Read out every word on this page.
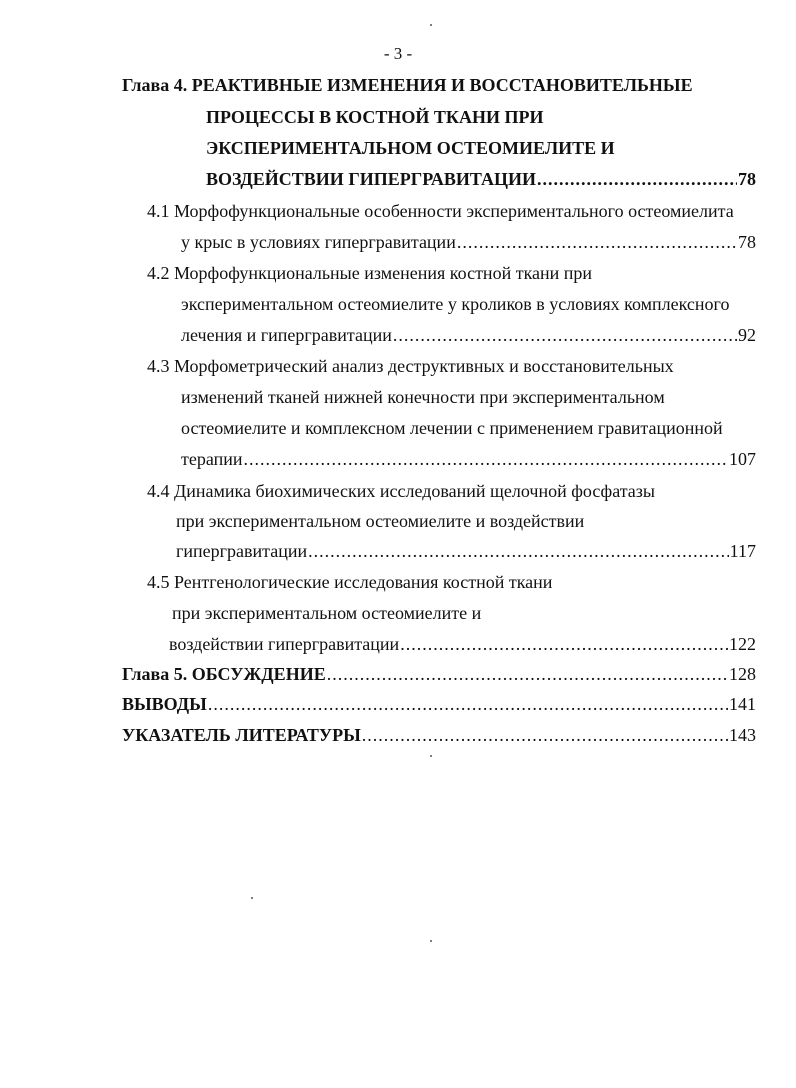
- 3 -
Глава 4. РЕАКТИВНЫЕ ИЗМЕНЕНИЯ И ВОССТАНОВИТЕЛЬНЫЕ
ПРОЦЕССЫ В КОСТНОЙ ТКАНИ ПРИ
ЭКСПЕРИМЕНТАЛЬНОМ ОСТЕОМИЕЛИТЕ И
ВОЗДЕЙСТВИИ ГИПЕРГРАВИТАЦИИ .....	78
4.1 Морфофункциональные особенности экспериментального остеомиелита
у крыс в условиях гипергравитации .....	78
4.2 Морфофункциональные изменения костной ткани при
экспериментальном остеомиелите у кроликов в условиях комплексного
лечения и гипергравитации .....	92
4.3 Морфометрический анализ деструктивных и восстановительных
изменений тканей нижней конечности при экспериментальном
остеомиелите и комплексном лечении с применением гравитационной
терапии .....	107
4.4 Динамика биохимических исследований щелочной фосфатазы
при экспериментальном остеомиелите и воздействии
гипергравитации .....	117
4.5 Рентгенологические исследования костной ткани
при экспериментальном остеомиелите и
воздействии гипергравитации .....	122
Глава 5. ОБСУЖДЕНИЕ .....	128
ВЫВОДЫ .....	141
УКАЗАТЕЛЬ ЛИТЕРАТУРЫ .....	143
